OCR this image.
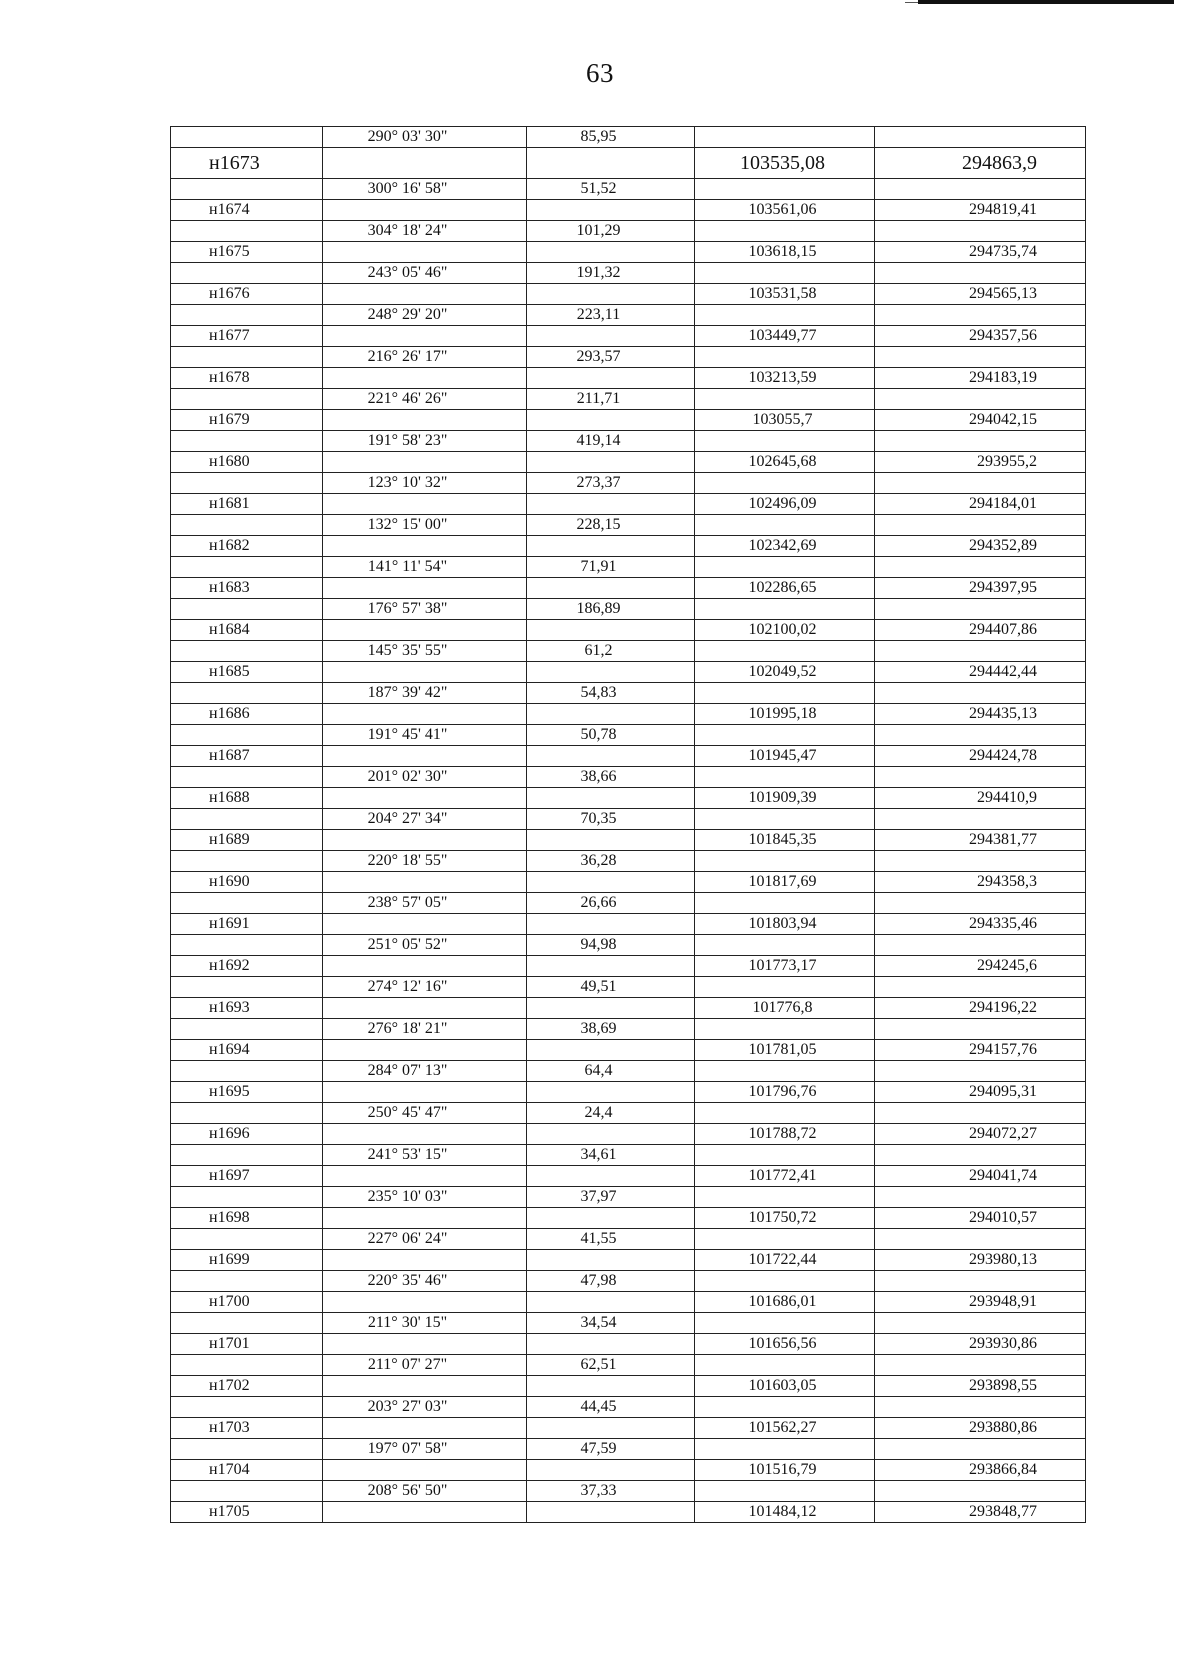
63
	290° 03' 30"	85,95		
н1673			103535,08	294863,9
	300° 16' 58"	51,52		
н1674			103561,06	294819,41
	304° 18' 24"	101,29		
н1675			103618,15	294735,74
	243° 05' 46"	191,32		
н1676			103531,58	294565,13
	248° 29' 20"	223,11		
н1677			103449,77	294357,56
	216° 26' 17"	293,57		
н1678			103213,59	294183,19
	221° 46' 26"	211,71		
н1679			103055,7	294042,15
	191° 58' 23"	419,14		
н1680			102645,68	293955,2
	123° 10' 32"	273,37		
н1681			102496,09	294184,01
	132° 15' 00"	228,15		
н1682			102342,69	294352,89
	141° 11' 54"	71,91		
н1683			102286,65	294397,95
	176° 57' 38"	186,89		
н1684			102100,02	294407,86
	145° 35' 55"	61,2		
н1685			102049,52	294442,44
	187° 39' 42"	54,83		
н1686			101995,18	294435,13
	191° 45' 41"	50,78		
н1687			101945,47	294424,78
	201° 02' 30"	38,66		
н1688			101909,39	294410,9
	204° 27' 34"	70,35		
н1689			101845,35	294381,77
	220° 18' 55"	36,28		
н1690			101817,69	294358,3
	238° 57' 05"	26,66		
н1691			101803,94	294335,46
	251° 05' 52"	94,98		
н1692			101773,17	294245,6
	274° 12' 16"	49,51		
н1693			101776,8	294196,22
	276° 18' 21"	38,69		
н1694			101781,05	294157,76
	284° 07' 13"	64,4		
н1695			101796,76	294095,31
	250° 45' 47"	24,4		
н1696			101788,72	294072,27
	241° 53' 15"	34,61		
н1697			101772,41	294041,74
	235° 10' 03"	37,97		
н1698			101750,72	294010,57
	227° 06' 24"	41,55		
н1699			101722,44	293980,13
	220° 35' 46"	47,98		
н1700			101686,01	293948,91
	211° 30' 15"	34,54		
н1701			101656,56	293930,86
	211° 07' 27"	62,51		
н1702			101603,05	293898,55
	203° 27' 03"	44,45		
н1703			101562,27	293880,86
	197° 07' 58"	47,59		
н1704			101516,79	293866,84
	208° 56' 50"	37,33		
н1705			101484,12	293848,77
